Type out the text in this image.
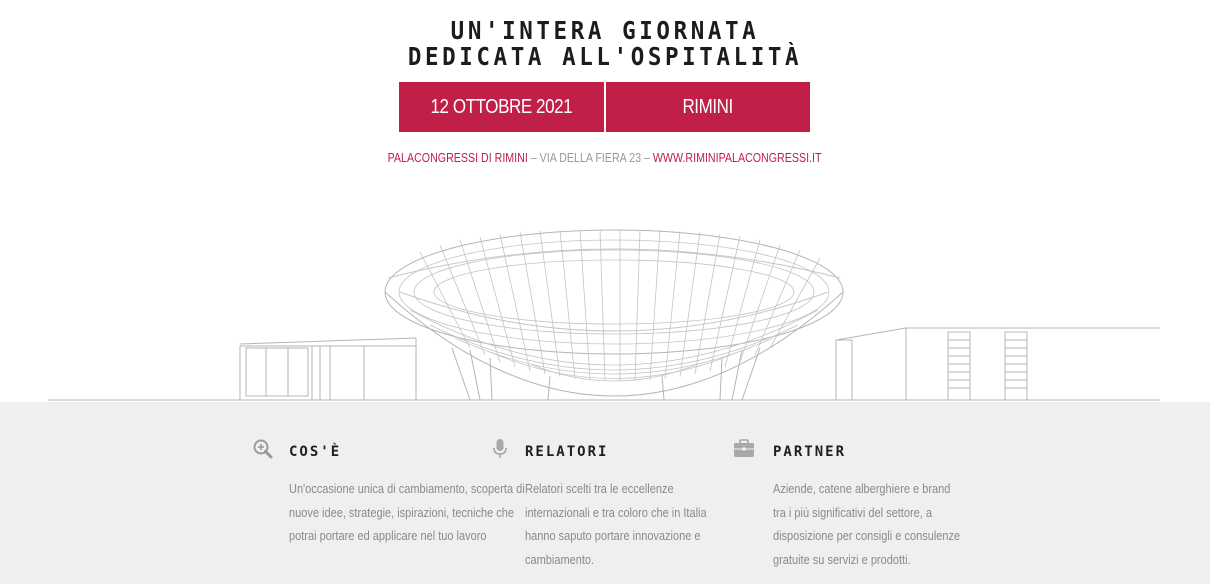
UN'INTERA GIORNATA
DEDICATA ALL'OSPITALITÀ
12 OTTOBRE 2021	RIMINI
PALACONGRESSI DI RIMINI – VIA DELLA FIERA 23 – WWW.RIMINIPALACONGRESSI.IT
COS'È

Un'occasione unica di cambiamento, scoperta di nuove idee, strategie, ispirazioni, tecniche che potrai portare ed applicare nel tuo lavoro

RELATORI

Relatori scelti tra le eccellenze internazionali e tra coloro che in Italia hanno saputo portare innovazione e cambiamento.

PARTNER

Aziende, catene alberghiere e brand tra i più significativi del settore, a disposizione per consigli e consulenze gratuite su servizi e prodotti.
